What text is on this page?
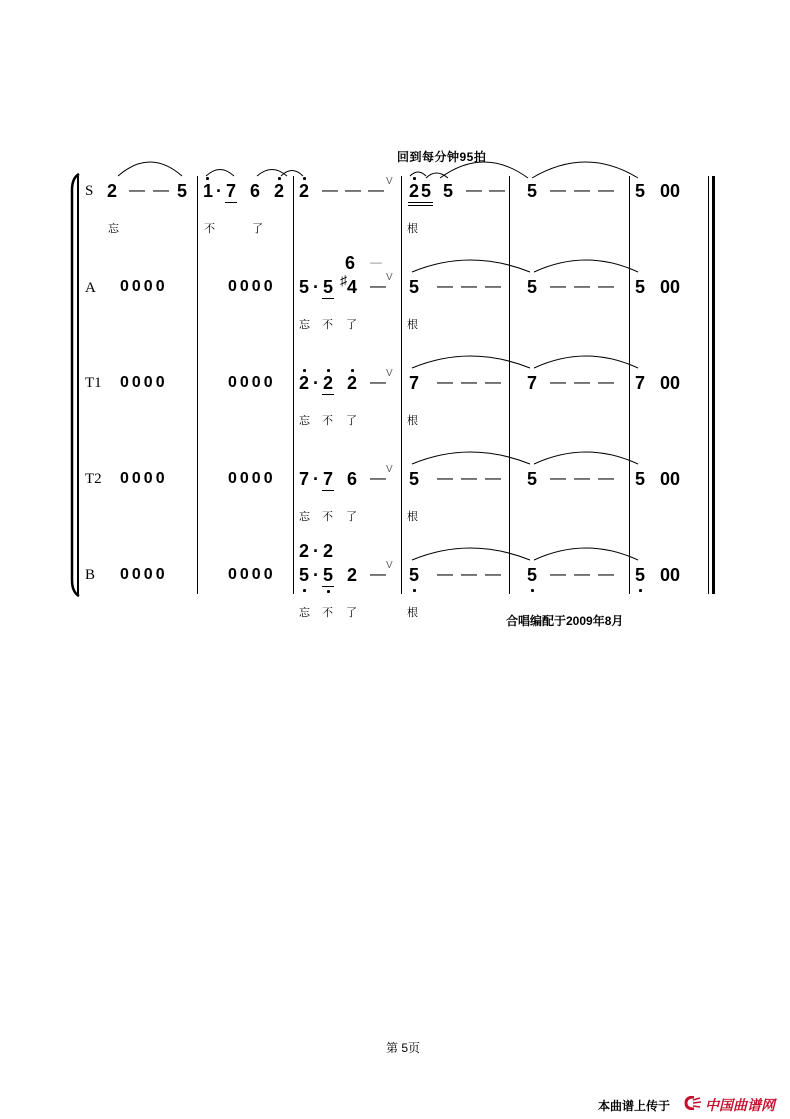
回到每分钟95拍
S
A
T1
T2
B
2 — — 5 1 · 7 6 2 2 — — —
V 2 5 5 — — 5 — — — 5 00
忘	不	了	根
0000	0000
6 —
5 · 5 ♯ 4 —
V 5 — — — 5 — — — 5 00
忘 不 了	根
0000	0000 2 · 2 2 —
V 7 — — — 7 — — — 7 00
忘 不 了	根
0000	0000 7 · 7 6 —
V 5 — — — 5 — — — 5 00
忘 不 了	根
0000	0000
2 · 2
5 · 5 2 —
V 5 — — — 5 — — — 5 00
忘 不 了	根
合唱编配于2009年8月
第 5页
本曲谱上传于 中国曲谱网
